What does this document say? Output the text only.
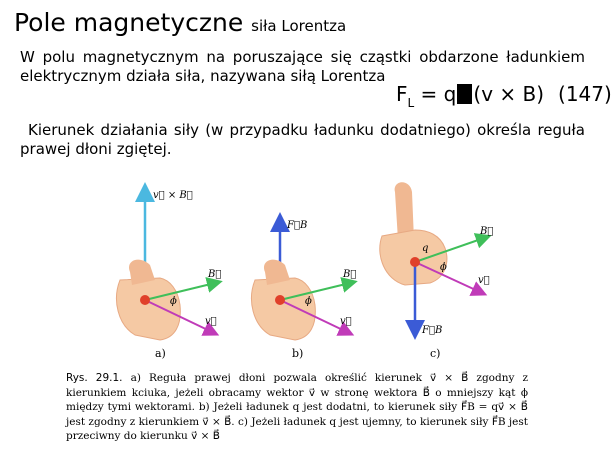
Pole magnetyczne siła Lorentza
W polu magnetycznym na poruszające się cząstki obdarzone ładunkiem elektrycznym działa siła, nazywana siłą Lorentza
$F_L = q$ (v × B) (147)
Kierunek działania siły (w przypadku ładunku dodatniego) określa reguła prawej dłoni zgiętej.
v⃗ × B⃗
B⃗
v⃗
ϕ
a)
F⃗B
B⃗
v⃗
ϕ
b)
F⃗B
B⃗
v⃗
q
ϕ
c)
Rys. 29.1. a) Reguła prawej dłoni pozwala określić kierunek v⃗ × B⃗ zgodny z kierunkiem kciuka, jeżeli obracamy wektor v⃗ w stronę wektora B⃗ o mniejszy kąt ϕ między tymi wektorami. b) Jeżeli ładunek q jest dodatni, to kierunek siły F⃗B = qv⃗ × B⃗ jest zgodny z kierunkiem v⃗ × B⃗. c) Jeżeli ładunek q jest ujemny, to kierunek siły F⃗B jest przeciwny do kierunku v⃗ × B⃗
